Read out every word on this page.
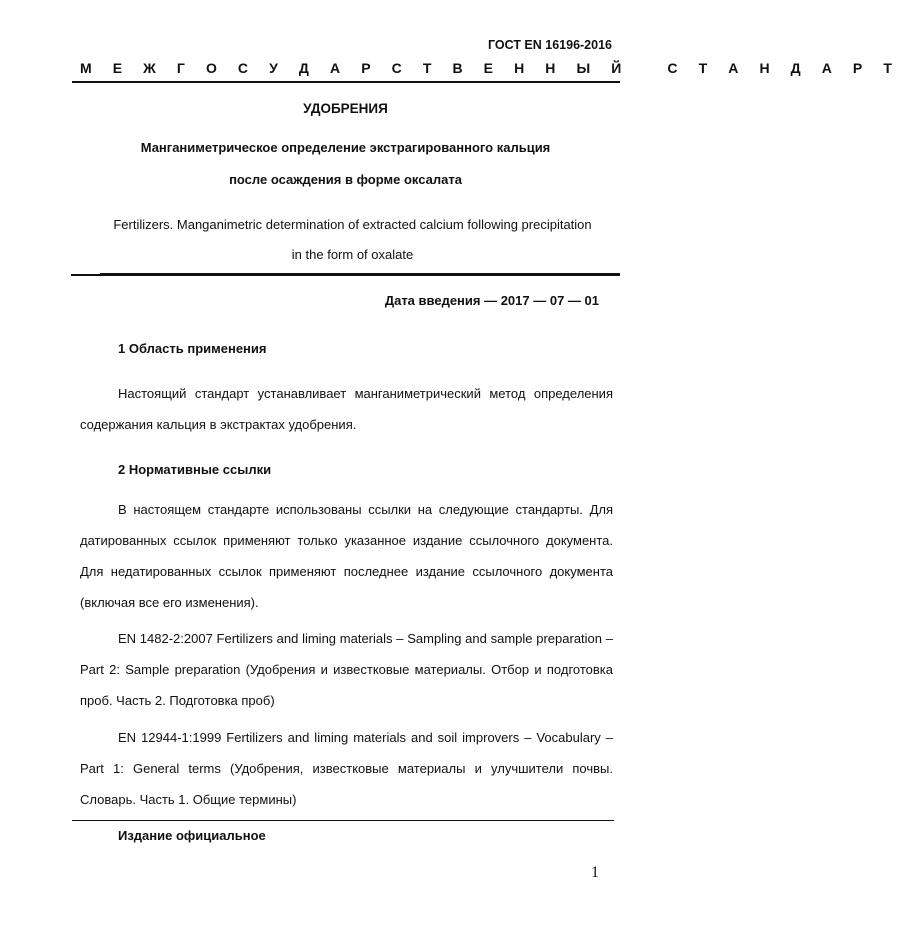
ГОСТ EN 16196-2016
М Е Ж Г О С У Д А Р С Т В Е Н Н Ы Й   С Т А Н Д А Р Т
УДОБРЕНИЯ
Манганиметрическое определение экстрагированного кальция
после осаждения в форме оксалата
Fertilizers. Manganimetric determination of extracted calcium following precipitation
in the form of oxalate
Дата введения — 2017 — 07 — 01
1 Область применения
Настоящий стандарт устанавливает манганиметрический метод определения содержания кальция в экстрактах удобрения.
2 Нормативные ссылки
В настоящем стандарте использованы ссылки на следующие стандарты. Для датированных ссылок применяют только указанное издание ссылочного документа. Для недатированных ссылок применяют последнее издание ссылочного документа (включая все его изменения).
EN 1482-2:2007 Fertilizers and liming materials – Sampling and sample preparation – Part 2: Sample preparation (Удобрения и известковые материалы. Отбор и подготовка проб. Часть 2. Подготовка проб)
EN 12944-1:1999 Fertilizers and liming materials and soil improvers – Vocabulary – Part 1: General terms (Удобрения, известковые материалы и улучшители почвы. Словарь. Часть 1. Общие термины)
Издание официальное
1
